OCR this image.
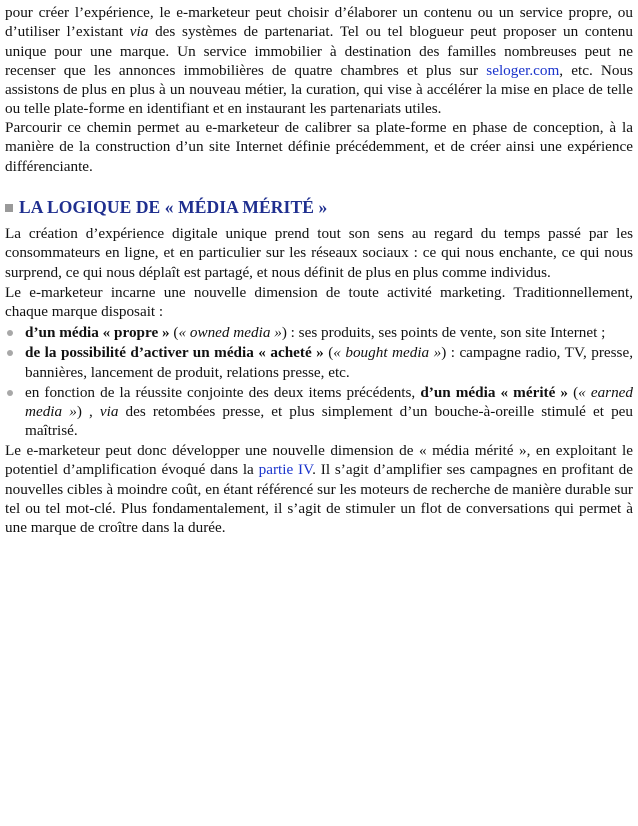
pour créer l’expérience, le e-marketeur peut choisir d’élaborer un contenu ou un service propre, ou d’utiliser l’existant via des systèmes de partenariat. Tel ou tel blogueur peut proposer un contenu unique pour une marque. Un service immobilier à destination des familles nombreuses peut ne recenser que les annonces immobilières de quatre chambres et plus sur seloger.com, etc. Nous assistons de plus en plus à un nouveau métier, la curation, qui vise à accélérer la mise en place de telle ou telle plate-forme en identifiant et en instaurant les partenariats utiles.

Parcourir ce chemin permet au e-marketeur de calibrer sa plate-forme en phase de conception, à la manière de la construction d’un site Internet définie précédemment, et de créer ainsi une expérience différenciante.

LA LOGIQUE DE « MÉDIA MÉRITÉ »

La création d’expérience digitale unique prend tout son sens au regard du temps passé par les consommateurs en ligne, et en particulier sur les réseaux sociaux : ce qui nous enchante, ce qui nous surprend, ce qui nous déplaît est partagé, et nous définit de plus en plus comme individus.

Le e-marketeur incarne une nouvelle dimension de toute activité marketing. Traditionnellement, chaque marque disposait :

d’un média « propre » (« owned media ») : ses produits, ses points de vente, son site Internet ;
de la possibilité d’activer un média « acheté » (« bought media ») : campagne radio, TV, presse, bannières, lancement de produit, relations presse, etc.
en fonction de la réussite conjointe des deux items précédents, d’un média « mérité » (« earned media ») , via des retombées presse, et plus simplement d’un bouche-à-oreille stimulé et peu maîtrisé.

Le e-marketeur peut donc développer une nouvelle dimension de « média mérité », en exploitant le potentiel d’amplification évoqué dans la partie IV. Il s’agit d’amplifier ses campagnes en profitant de nouvelles cibles à moindre coût, en étant référencé sur les moteurs de recherche de manière durable sur tel ou tel mot-clé. Plus fondamentalement, il s’agit de stimuler un flot de conversations qui permet à une marque de croître dans la durée.
